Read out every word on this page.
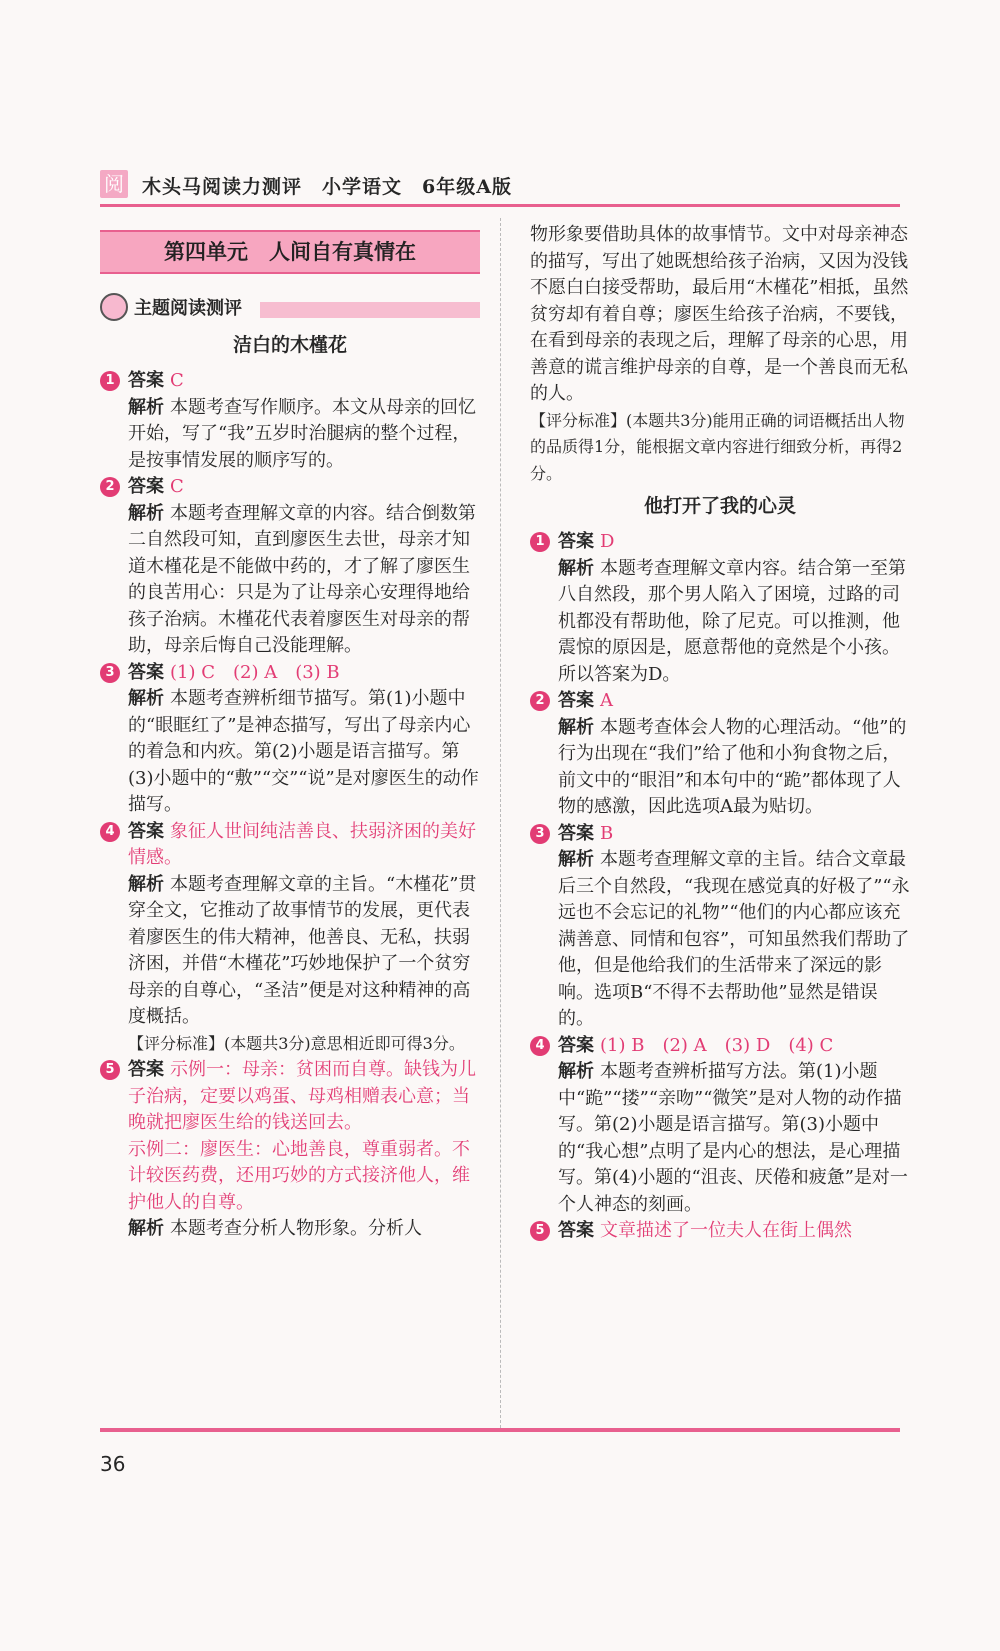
阅 木头马阅读力测评　小学语文　6年级A版
第四单元　人间自有真情在
主题阅读测评
洁白的木槿花
1 答案 C

解析 本题考查写作顺序。本文从母亲的回忆开始，写了“我”五岁时治腿病的整个过程，是按事情发展的顺序写的。

2 答案 C

解析 本题考查理解文章的内容。结合倒数第二自然段可知，直到廖医生去世，母亲才知道木槿花是不能做中药的，才了解了廖医生的良苦用心：只是为了让母亲心安理得地给孩子治病。木槿花代表着廖医生对母亲的帮助，母亲后悔自己没能理解。

3 答案 (1) C　(2) A　(3) B

解析 本题考查辨析细节描写。第(1)小题中的“眼眶红了”是神态描写，写出了母亲内心的着急和内疚。第(2)小题是语言描写。第(3)小题中的“敷”“交”“说”是对廖医生的动作描写。

4 答案 象征人世间纯洁善良、扶弱济困的美好情感。

解析 本题考查理解文章的主旨。“木槿花”贯穿全文，它推动了故事情节的发展，更代表着廖医生的伟大精神，他善良、无私，扶弱济困，并借“木槿花”巧妙地保护了一个贫穷母亲的自尊心，“圣洁”便是对这种精神的高度概括。

【评分标准】(本题共3分)意思相近即可得3分。

5 答案 示例一：母亲：贫困而自尊。缺钱为儿子治病，定要以鸡蛋、母鸡相赠表心意；当晚就把廖医生给的钱送回去。

示例二：廖医生：心地善良，尊重弱者。不计较医药费，还用巧妙的方式接济他人，维护他人的自尊。

解析 本题考查分析人物形象。分析人

物形象要借助具体的故事情节。文中对母亲神态的描写，写出了她既想给孩子治病，又因为没钱不愿白白接受帮助，最后用“木槿花”相抵，虽然贫穷却有着自尊；廖医生给孩子治病，不要钱，在看到母亲的表现之后，理解了母亲的心思，用善意的谎言维护母亲的自尊，是一个善良而无私的人。

【评分标准】(本题共3分)能用正确的词语概括出人物的品质得1分，能根据文章内容进行细致分析，再得2分。

他打开了我的心灵
1 答案 D

解析 本题考查理解文章内容。结合第一至第八自然段，那个男人陷入了困境，过路的司机都没有帮助他，除了尼克。可以推测，他震惊的原因是，愿意帮他的竟然是个小孩。所以答案为D。

2 答案 A

解析 本题考查体会人物的心理活动。“他”的行为出现在“我们”给了他和小狗食物之后，前文中的“眼泪”和本句中的“跪”都体现了人物的感激，因此选项A最为贴切。

3 答案 B

解析 本题考查理解文章的主旨。结合文章最后三个自然段，“我现在感觉真的好极了”“永远也不会忘记的礼物”“他们的内心都应该充满善意、同情和包容”，可知虽然我们帮助了他，但是他给我们的生活带来了深远的影响。选项B“不得不去帮助他”显然是错误的。

4 答案 (1) B　(2) A　(3) D　(4) C

解析 本题考查辨析描写方法。第(1)小题中“跪”“搂”“亲吻”“微笑”是对人物的动作描写。第(2)小题是语言描写。第(3)小题中的“我心想”点明了是内心的想法，是心理描写。第(4)小题的“沮丧、厌倦和疲惫”是对一个人神态的刻画。

5 答案 文章描述了一位夫人在街上偶然

36
